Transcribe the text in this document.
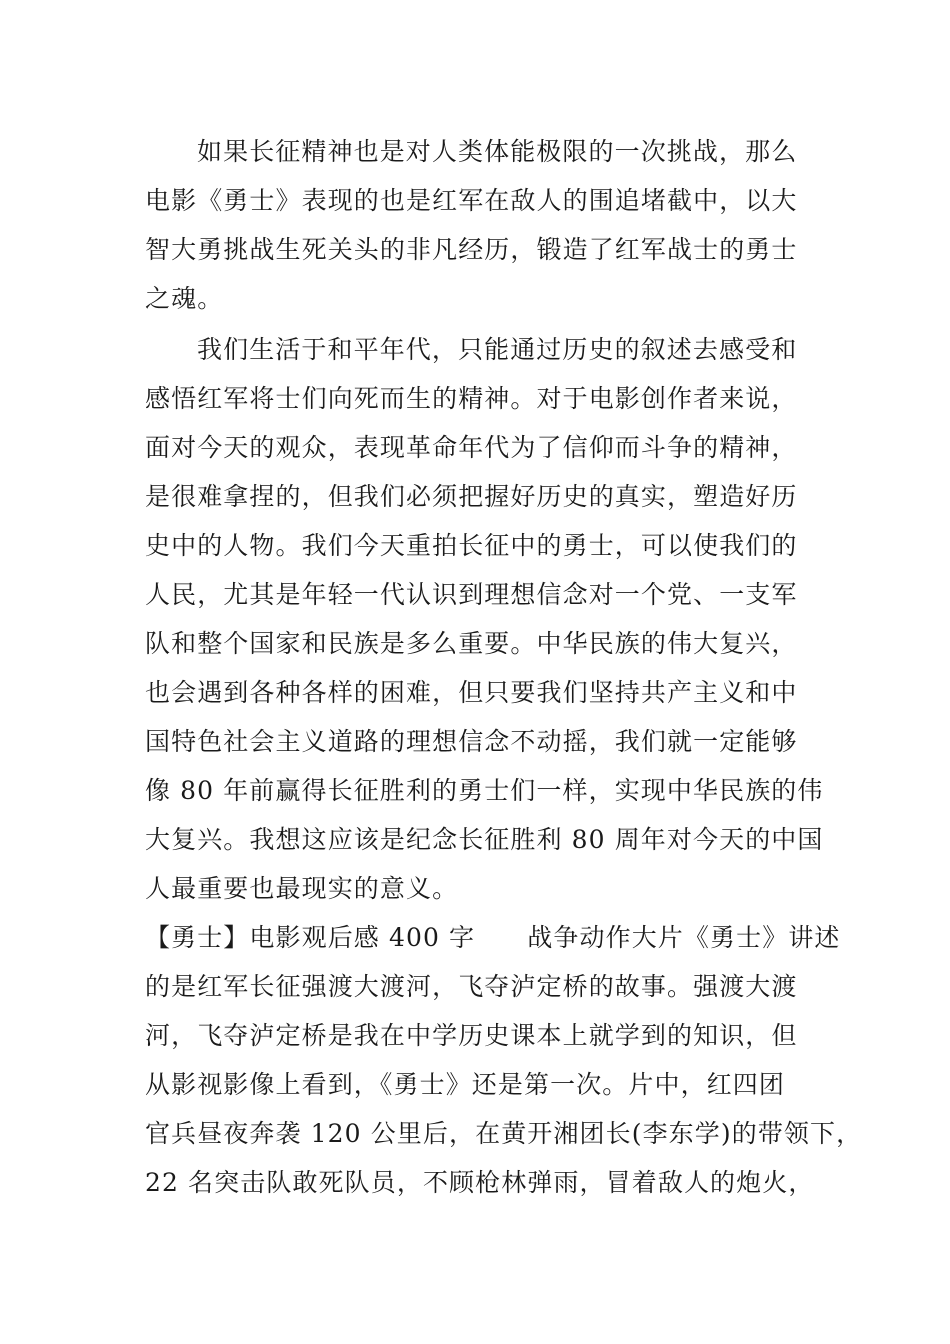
如果长征精神也是对人类体能极限的一次挑战，那么
电影《勇士》表现的也是红军在敌人的围追堵截中，以大
智大勇挑战生死关头的非凡经历，锻造了红军战士的勇士
之魂。
我们生活于和平年代，只能通过历史的叙述去感受和
感悟红军将士们向死而生的精神。对于电影创作者来说，
面对今天的观众，表现革命年代为了信仰而斗争的精神，
是很难拿捏的，但我们必须把握好历史的真实，塑造好历
史中的人物。我们今天重拍长征中的勇士，可以使我们的
人民，尤其是年轻一代认识到理想信念对一个党、一支军
队和整个国家和民族是多么重要。中华民族的伟大复兴，
也会遇到各种各样的困难，但只要我们坚持共产主义和中
国特色社会主义道路的理想信念不动摇，我们就一定能够
像 80 年前赢得长征胜利的勇士们一样，实现中华民族的伟
大复兴。我想这应该是纪念长征胜利 80 周年对今天的中国
人最重要也最现实的意义。
【勇士】电影观后感 400 字　　战争动作大片《勇士》讲述
的是红军长征强渡大渡河，飞夺泸定桥的故事。强渡大渡
河，飞夺泸定桥是我在中学历史课本上就学到的知识，但
从影视影像上看到，《勇士》还是第一次。片中，红四团
官兵昼夜奔袭 120 公里后，在黄开湘团长(李东学)的带领下，
22 名突击队敢死队员，不顾枪林弹雨，冒着敌人的炮火，
